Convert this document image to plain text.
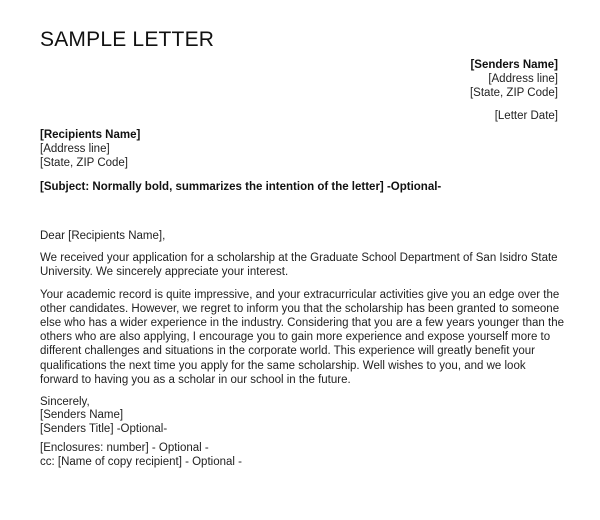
SAMPLE LETTER
[Senders Name]
[Address line]
[State, ZIP Code]
[Letter Date]
[Recipients Name]
[Address line]
[State, ZIP Code]
[Subject: Normally bold, summarizes the intention of the letter] -Optional-

Dear [Recipients Name],

We received your application for a scholarship at the Graduate School Department of San Isidro State University. We sincerely appreciate your interest.

Your academic record is quite impressive, and your extracurricular activities give you an edge over the other candidates. However, we regret to inform you that the scholarship has been granted to someone else who has a wider experience in the industry. Considering that you are a few years younger than the others who are also applying, I encourage you to gain more experience and expose yourself more to different challenges and situations in the corporate world. This experience will greatly benefit your qualifications the next time you apply for the same scholarship. Well wishes to you, and we look forward to having you as a scholar in our school in the future.

Sincerely,

[Senders Name]
[Senders Title] -Optional-
[Enclosures: number] - Optional -
cc: [Name of copy recipient] - Optional -
